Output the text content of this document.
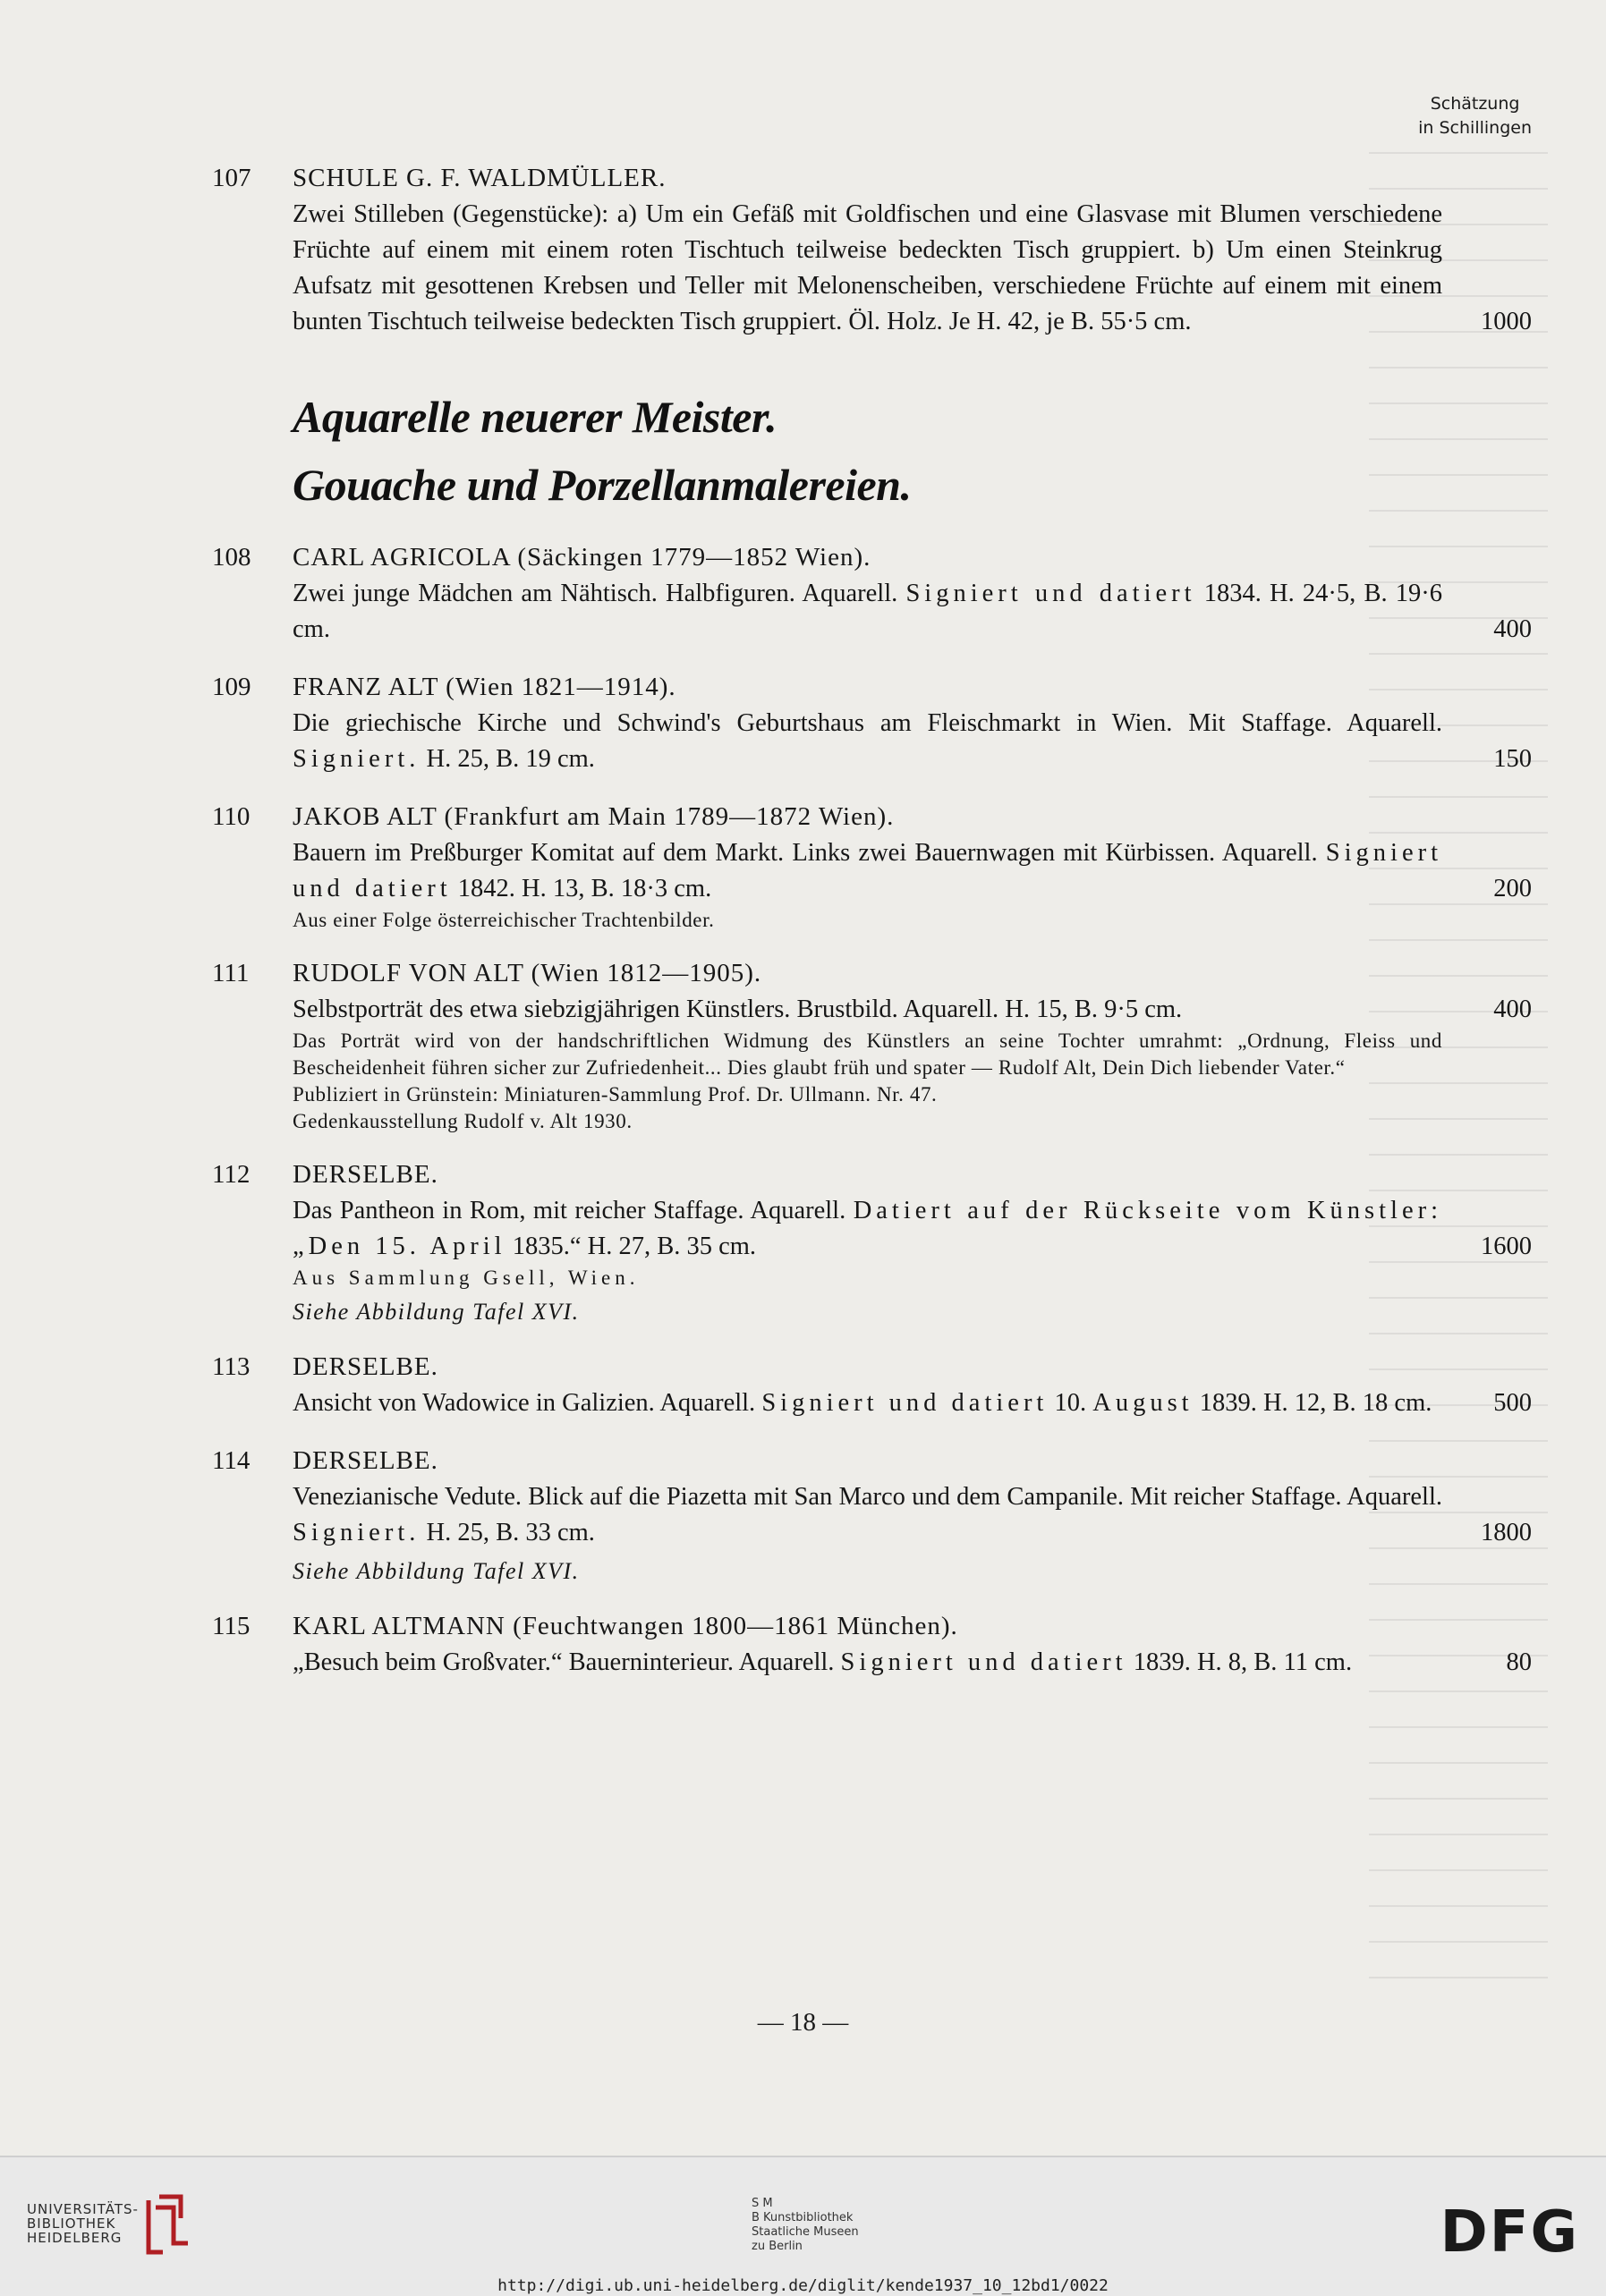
Schätzung
in Schillingen
107	SCHULE G. F. WALDMÜLLER.
Zwei Stilleben (Gegenstücke): a) Um ein Gefäß mit Goldfischen und eine Glasvase mit Blumen verschiedene Früchte auf einem mit einem roten Tischtuch teilweise bedeckten Tisch gruppiert. b) Um einen Steinkrug Aufsatz mit gesottenen Krebsen und Teller mit Melonenscheiben, verschiedene Früchte auf einem mit einem bunten Tischtuch teilweise bedeckten Tisch gruppiert. Öl. Holz. Je H. 42, je B. 55·5 cm.	1000
Aquarelle neuerer Meister.
Gouache und Porzellanmalereien.
108	CARL AGRICOLA (Säckingen 1779—1852 Wien).
Zwei junge Mädchen am Nähtisch. Halbfiguren. Aquarell. Signiert und datiert 1834. H. 24·5, B. 19·6 cm.	400
109	FRANZ ALT (Wien 1821—1914).
Die griechische Kirche und Schwind's Geburtshaus am Fleischmarkt in Wien. Mit Staffage. Aquarell. Signiert. H. 25, B. 19 cm.	150
110	JAKOB ALT (Frankfurt am Main 1789—1872 Wien).
Bauern im Preßburger Komitat auf dem Markt. Links zwei Bauernwagen mit Kürbissen. Aquarell. Signiert und datiert 1842. H. 13, B. 18·3 cm.	200
Aus einer Folge österreichischer Trachtenbilder.
111	RUDOLF VON ALT (Wien 1812—1905).
Selbstporträt des etwa siebzigjährigen Künstlers. Brustbild. Aquarell. H. 15, B. 9·5 cm.	400
Das Porträt wird von der handschriftlichen Widmung des Künstlers an seine Tochter umrahmt: „Ordnung, Fleiss und Bescheidenheit führen sicher zur Zufriedenheit... Dies glaubt früh und spater — Rudolf Alt, Dein Dich liebender Vater.“
Publiziert in Grünstein: Miniaturen-Sammlung Prof. Dr. Ullmann. Nr. 47.
Gedenkausstellung Rudolf v. Alt 1930.
112	DERSELBE.
Das Pantheon in Rom, mit reicher Staffage. Aquarell. Datiert auf der Rückseite vom Künstler: „Den 15. April 1835.“ H. 27, B. 35 cm.	1600
Aus Sammlung Gsell, Wien.
Siehe Abbildung Tafel XVI.
113	DERSELBE.
Ansicht von Wadowice in Galizien. Aquarell. Signiert und datiert 10. August 1839. H. 12, B. 18 cm.	500
114	DERSELBE.
Venezianische Vedute. Blick auf die Piazetta mit San Marco und dem Campanile. Mit reicher Staffage. Aquarell. Signiert. H. 25, B. 33 cm.	1800
Siehe Abbildung Tafel XVI.
115	KARL ALTMANN (Feuchtwangen 1800—1861 München).
„Besuch beim Großvater.“ Bauerninterieur. Aquarell. Signiert und datiert 1839. H. 8, B. 11 cm.	80
— 18 —
UNIVERSITÄTS-
BIBLIOTHEK
HEIDELBERG
S M
B Kunstbibliothek
Staatliche Museen
zu Berlin	DFG
http://digi.ub.uni-heidelberg.de/diglit/kende1937_10_12bd1/0022
